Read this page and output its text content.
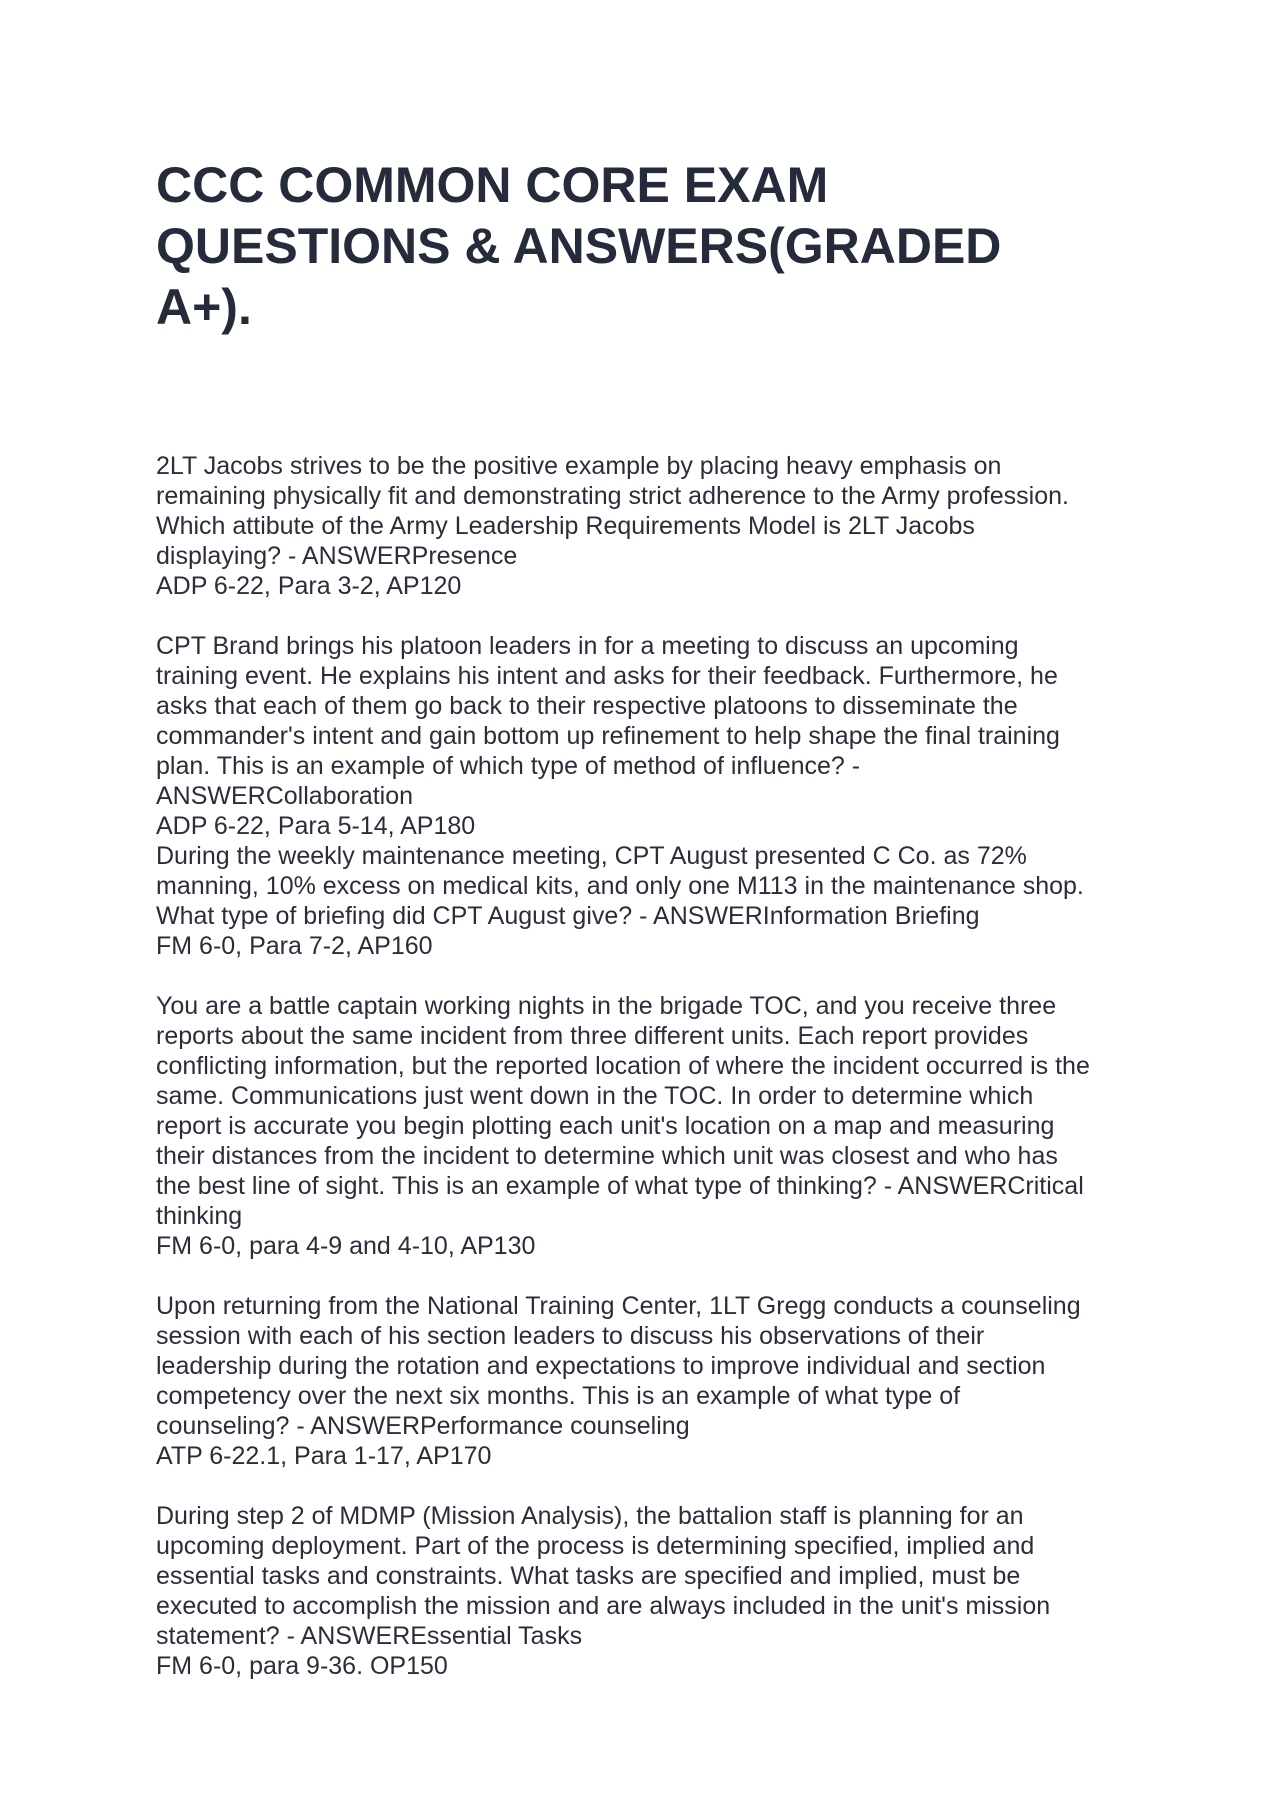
CCC COMMON CORE EXAM
QUESTIONS & ANSWERS(GRADED
A+).

2LT Jacobs strives to be the positive example by placing heavy emphasis on

remaining physically fit and demonstrating strict adherence to the Army profession.

Which attibute of the Army Leadership Requirements Model is 2LT Jacobs

displaying? - ANSWERPresence

ADP 6-22, Para 3-2, AP120

CPT Brand brings his platoon leaders in for a meeting to discuss an upcoming

training event. He explains his intent and asks for their feedback. Furthermore, he

asks that each of them go back to their respective platoons to disseminate the

commander's intent and gain bottom up refinement to help shape the final training

plan. This is an example of which type of method of influence? -

ANSWERCollaboration

ADP 6-22, Para 5-14, AP180

During the weekly maintenance meeting, CPT August presented C Co. as 72%

manning, 10% excess on medical kits, and only one M113 in the maintenance shop.

What type of briefing did CPT August give? - ANSWERInformation Briefing

FM 6-0, Para 7-2, AP160

You are a battle captain working nights in the brigade TOC, and you receive three

reports about the same incident from three different units. Each report provides

conflicting information, but the reported location of where the incident occurred is the

same. Communications just went down in the TOC. In order to determine which

report is accurate you begin plotting each unit's location on a map and measuring

their distances from the incident to determine which unit was closest and who has

the best line of sight. This is an example of what type of thinking? - ANSWERCritical

thinking

FM 6-0, para 4-9 and 4-10, AP130

Upon returning from the National Training Center, 1LT Gregg conducts a counseling

session with each of his section leaders to discuss his observations of their

leadership during the rotation and expectations to improve individual and section

competency over the next six months. This is an example of what type of

counseling? - ANSWERPerformance counseling

ATP 6-22.1, Para 1-17, AP170

During step 2 of MDMP (Mission Analysis), the battalion staff is planning for an

upcoming deployment. Part of the process is determining specified, implied and

essential tasks and constraints. What tasks are specified and implied, must be

executed to accomplish the mission and are always included in the unit's mission

statement? - ANSWEREssential Tasks

FM 6-0, para 9-36. OP150
